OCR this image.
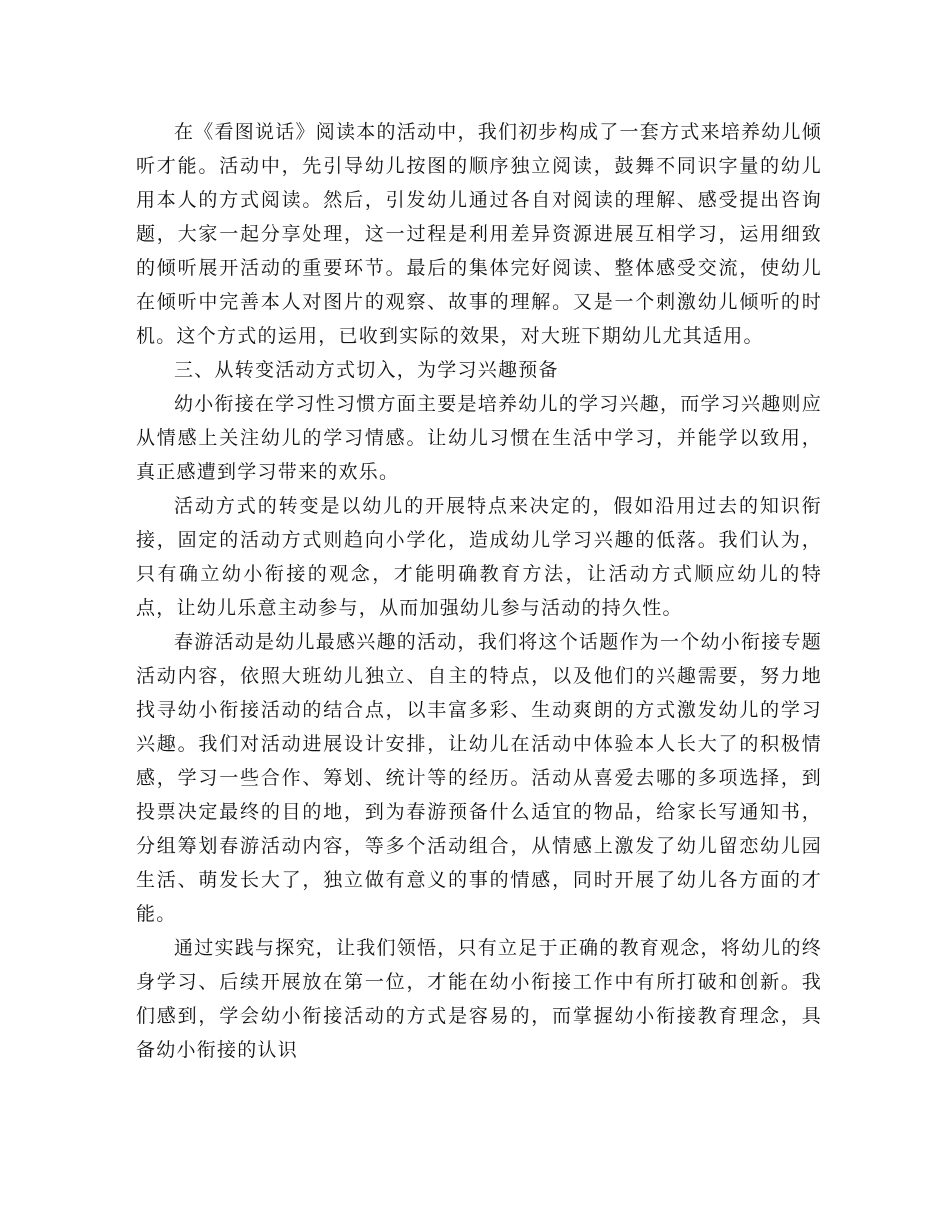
在《看图说话》阅读本的活动中，我们初步构成了一套方式来培养幼儿倾听才能。活动中，先引导幼儿按图的顺序独立阅读，鼓舞不同识字量的幼儿用本人的方式阅读。然后，引发幼儿通过各自对阅读的理解、感受提出咨询题，大家一起分享处理，这一过程是利用差异资源进展互相学习，运用细致的倾听展开活动的重要环节。最后的集体完好阅读、整体感受交流，使幼儿在倾听中完善本人对图片的观察、故事的理解。又是一个刺激幼儿倾听的时机。这个方式的运用，已收到实际的效果，对大班下期幼儿尤其适用。

三、从转变活动方式切入，为学习兴趣预备

幼小衔接在学习性习惯方面主要是培养幼儿的学习兴趣，而学习兴趣则应从情感上关注幼儿的学习情感。让幼儿习惯在生活中学习，并能学以致用，真正感遭到学习带来的欢乐。

活动方式的转变是以幼儿的开展特点来决定的，假如沿用过去的知识衔接，固定的活动方式则趋向小学化，造成幼儿学习兴趣的低落。我们认为，只有确立幼小衔接的观念，才能明确教育方法，让活动方式顺应幼儿的特点，让幼儿乐意主动参与，从而加强幼儿参与活动的持久性。

春游活动是幼儿最感兴趣的活动，我们将这个话题作为一个幼小衔接专题活动内容，依照大班幼儿独立、自主的特点，以及他们的兴趣需要，努力地找寻幼小衔接活动的结合点，以丰富多彩、生动爽朗的方式激发幼儿的学习兴趣。我们对活动进展设计安排，让幼儿在活动中体验本人长大了的积极情感，学习一些合作、筹划、统计等的经历。活动从喜爱去哪的多项选择，到投票决定最终的目的地，到为春游预备什么适宜的物品，给家长写通知书，分组筹划春游活动内容，等多个活动组合，从情感上激发了幼儿留恋幼儿园生活、萌发长大了，独立做有意义的事的情感，同时开展了幼儿各方面的才能。

通过实践与探究，让我们领悟，只有立足于正确的教育观念，将幼儿的终身学习、后续开展放在第一位，才能在幼小衔接工作中有所打破和创新。我们感到，学会幼小衔接活动的方式是容易的，而掌握幼小衔接教育理念，具备幼小衔接的认识
